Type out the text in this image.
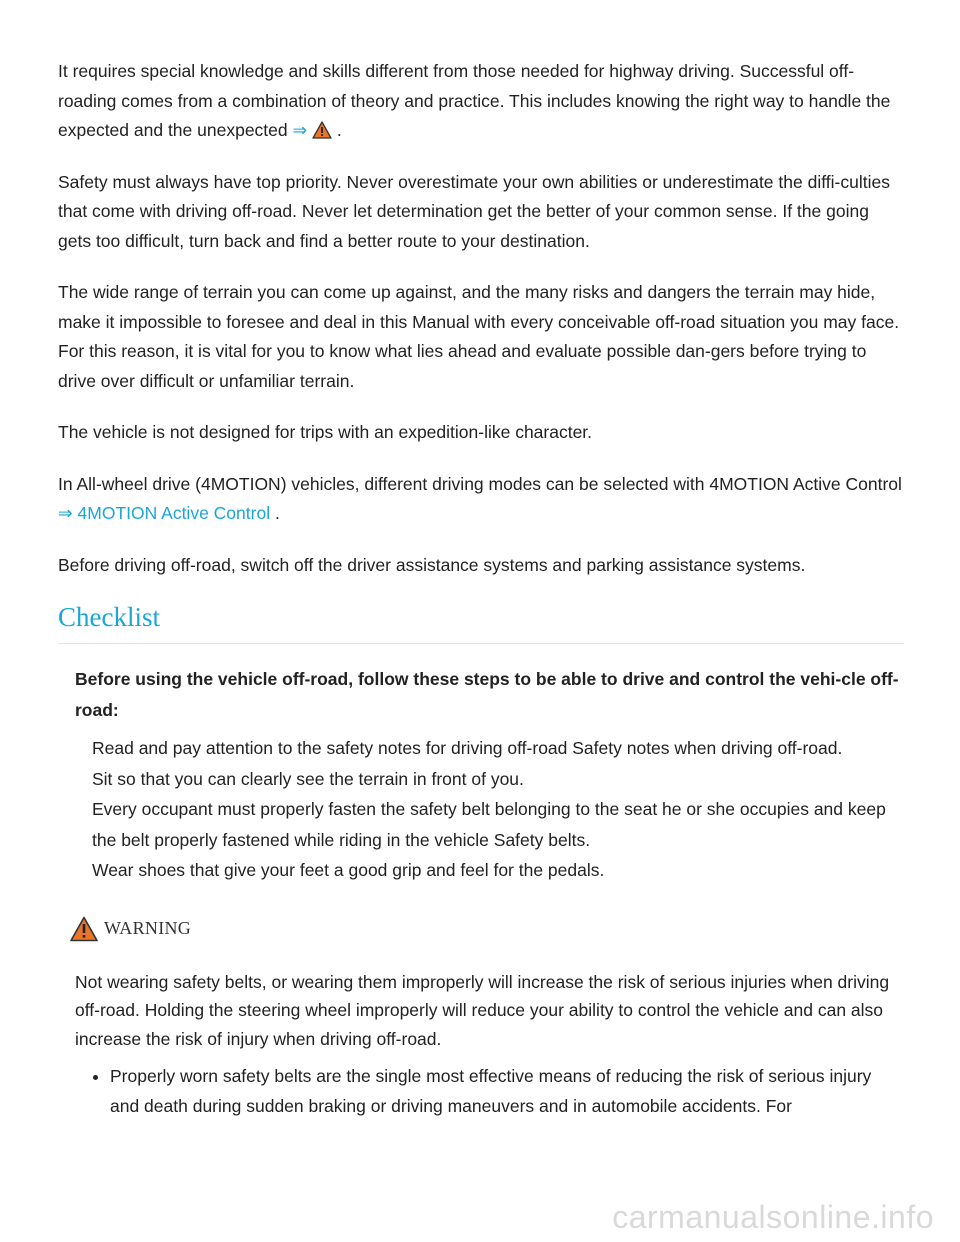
It requires special knowledge and skills different from those needed for highway driving. Successful off-roading comes from a combination of theory and practice. This includes knowing the right way to handle the expected and the unexpected ⇒  .

Safety must always have top priority. Never overestimate your own abilities or underestimate the diffi-culties that come with driving off-road. Never let determination get the better of your common sense. If the going gets too difficult, turn back and find a better route to your destination.

The wide range of terrain you can come up against, and the many risks and dangers the terrain may hide, make it impossible to foresee and deal in this Manual with every conceivable off-road situation you may face. For this reason, it is vital for you to know what lies ahead and evaluate possible dan-gers before trying to drive over difficult or unfamiliar terrain.

The vehicle is not designed for trips with an expedition-like character.

In All-wheel drive (4MOTION) vehicles, different driving modes can be selected with 4MOTION Active Control ⇒ 4MOTION Active Control .

Before driving off-road, switch off the driver assistance systems and parking assistance systems.

Checklist

Before using the vehicle off-road, follow these steps to be able to drive and control the vehi-cle off-road:

Read and pay attention to the safety notes for driving off-road Safety notes when driving off-road.
Sit so that you can clearly see the terrain in front of you.
Every occupant must properly fasten the safety belt belonging to the seat he or she occupies and keep the belt properly fastened while riding in the vehicle Safety belts.
Wear shoes that give your feet a good grip and feel for the pedals.
WARNING

Not wearing safety belts, or wearing them improperly will increase the risk of serious injuries when driving off-road. Holding the steering wheel improperly will reduce your ability to control the vehicle and can also increase the risk of injury when driving off-road.

• Properly worn safety belts are the single most effective means of reducing the risk of serious injury and death during sudden braking or driving maneuvers and in automobile accidents. For
carmanualsonline.info
